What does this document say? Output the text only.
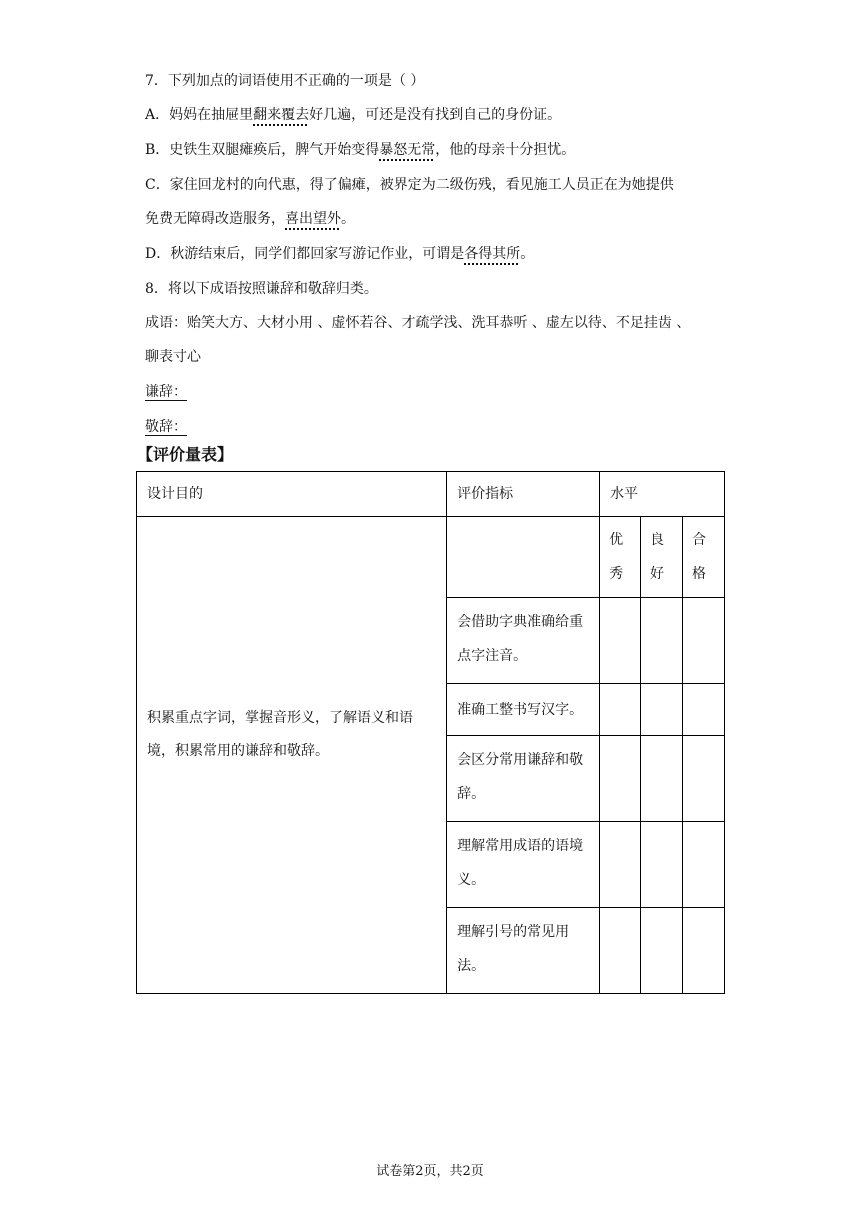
7．下列加点的词语使用不正确的一项是（ ）

A．妈妈在抽屉里翻来覆去好几遍，可还是没有找到自己的身份证。

B．史铁生双腿瘫痪后，脾气开始变得暴怒无常，他的母亲十分担忧。

C．家住回龙村的向代惠，得了偏瘫，被界定为二级伤残，看见施工人员正在为她提供

免费无障碍改造服务，喜出望外。

D．秋游结束后，同学们都回家写游记作业，可谓是各得其所。

8．将以下成语按照谦辞和敬辞归类。

成语：贻笑大方、大材小用 、虚怀若谷、才疏学浅、洗耳恭听 、虚左以待、不足挂齿 、

聊表寸心

谦辞：

敬辞：

【评价量表】
设计目的	评价指标	水平		
积累重点字词，掌握音形义，了解语义和语境，积累常用的谦辞和敬辞。		优秀	良好	合格
	会借助字典准确给重点字注音。			
	准确工整书写汉字。			
	会区分常用谦辞和敬辞。			
	理解常用成语的语境义。			
	理解引号的常见用法。			
试卷第2页，共2页
